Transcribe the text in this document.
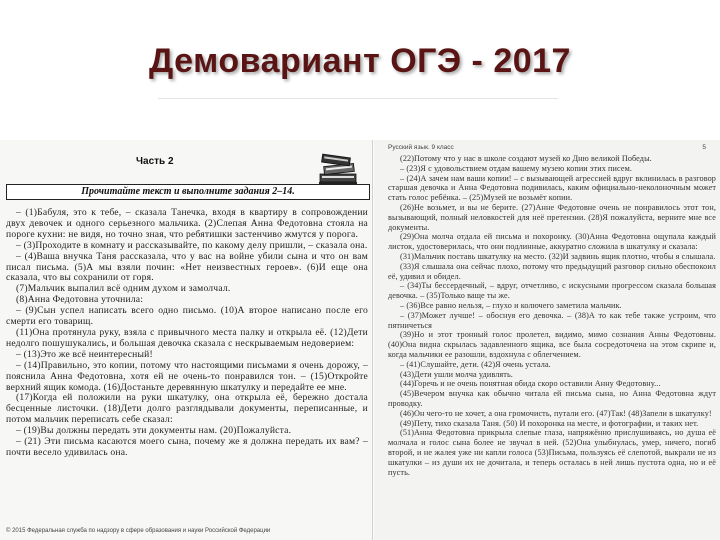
Демовариант ОГЭ - 2017
Часть 2
Прочитайте текст и выполните задания 2–14.

– (1)Бабуля, это к тебе, – сказала Танечка, входя в квартиру в сопровождении двух девочек и одного серьезного мальчика. (2)Слепая Анна Федотовна стояла на пороге кухни: не видя, но точно зная, что ребятишки застенчиво жмутся у порога.

– (3)Проходите в комнату и рассказывайте, по какому делу пришли, – сказала она.

– (4)Ваша внучка Таня рассказала, что у вас на войне убили сына и что он вам писал письма. (5)А мы взяли почин: «Нет неизвестных героев». (6)И еще она сказала, что вы сохранили от горя.

(7)Мальчик выпалил всё одним духом и замолчал.

(8)Анна Федотовна уточнила:

– (9)Сын успел написать всего одно письмо. (10)А второе написано после его смерти его товарищ.

(11)Она протянула руку, взяла с привычного места палку и открыла её. (12)Дети недолго пошушукались, и большая девочка сказала с нескрываемым недоверием:

– (13)Это же всё неинтересный!

– (14)Правильно, это копии, потому что настоящими письмами я очень дорожу, – пояснила Анна Федотовна, хотя ей не очень-то понравился тон. – (15)Откройте верхний ящик комода. (16)Достаньте деревянную шкатулку и передайте ее мне.

(17)Когда ей положили на руки шкатулку, она открыла её, бережно достала бесценные листочки. (18)Дети долго разглядывали документы, переписанные, и потом мальчик переписать себе сказал:

– (19)Вы должны передать эти документы нам. (20)Пожалуйста.

– (21) Эти письма касаются моего сына, почему же я должна передать их вам? – почти весело удивилась она.

© 2015 Федеральная служба по надзору в сфере образования и науки Российской Федерации
Русский язык. 9 класс	5

(22)Потому что у нас в школе создают музей ко Дню великой Победы.

– (23)Я с удовольствием отдам вашему музею копии этих писем.

– (24)А зачем нам ваши копии! – с вызывающей агрессией вдруг вклинилась в разговор старшая девочка и Анна Федотовна подивилась, каким официально-неколоночным может стать голос ребёнка. – (25)Музей не возьмёт копии.

(26)Не возьмет, и вы не берите. (27)Анне Федотовне очень не понравилось этот тон, вызывающий, полный неловкостей для неё претензии. (28)Я пожалуйста, верните мне все документы.

(29)Она молча отдала ей письма и похоронку. (30)Анна Федотовна ощупала каждый листок, удостоверилась, что они подлинные, аккуратно сложила в шкатулку и сказала:

(31)Мальчик поставь шкатулку на место. (32)И задвинь ящик плотно, чтобы я слышала.

(33)Я слышала она сейчас плохо, потому что предыдущий разговор сильно обеспокоил её, удивил и обидел.

– (34)Ты бессердечный, – вдруг, отчетливо, с искусными прогрессом сказала большая девочка. – (35)Только ваще ты же.

– (36)Все равно нельзя, – глухо и колючего заметила мальчик.

– (37)Может лучше! – обоснуя его девочка. – (38)А то как тебе также устроим, что пятничеться

(39)Но и этот тронный голос пролетел, видимо, мимо сознания Анны Федотовны. (40)Она видна скрылась задавленного ящика, все была сосредоточена на этом скрипе и, когда мальчики ее разошли, вздохнула с облегчением.

– (41)Слушайте, дети. (42)Я очень устала.

(43)Дети ушли молча удивлять.

(44)Горечь и не очень понятная обида скоро оставили Анну Федотовну...

(45)Вечером внучка как обычно читала ей письма сына, но Анна Федотовна ждут проводку.

(46)Он чего-то не хочет, а она громочисть, путали его. (47)Так! (48)Запели в шкатулку!

(49)Пету, тихо сказала Таня. (50) И похоронка на месте, и фотографии, и таких нет.

(51)Анна Федотовна прикрыла слепые глаза, напряжённо прислушиваясь, но душа её молчала и голос сына более не звучал в ней. (52)Она улыбнулась, умер, ничего, погиб второй, и не жалея уже ни капли голоса (53)Письма, пользуясь её слепотой, выкрали не из шкатулки – из души их не дочитала, и теперь осталась в ней лишь пустота одна, но и её пусть.
